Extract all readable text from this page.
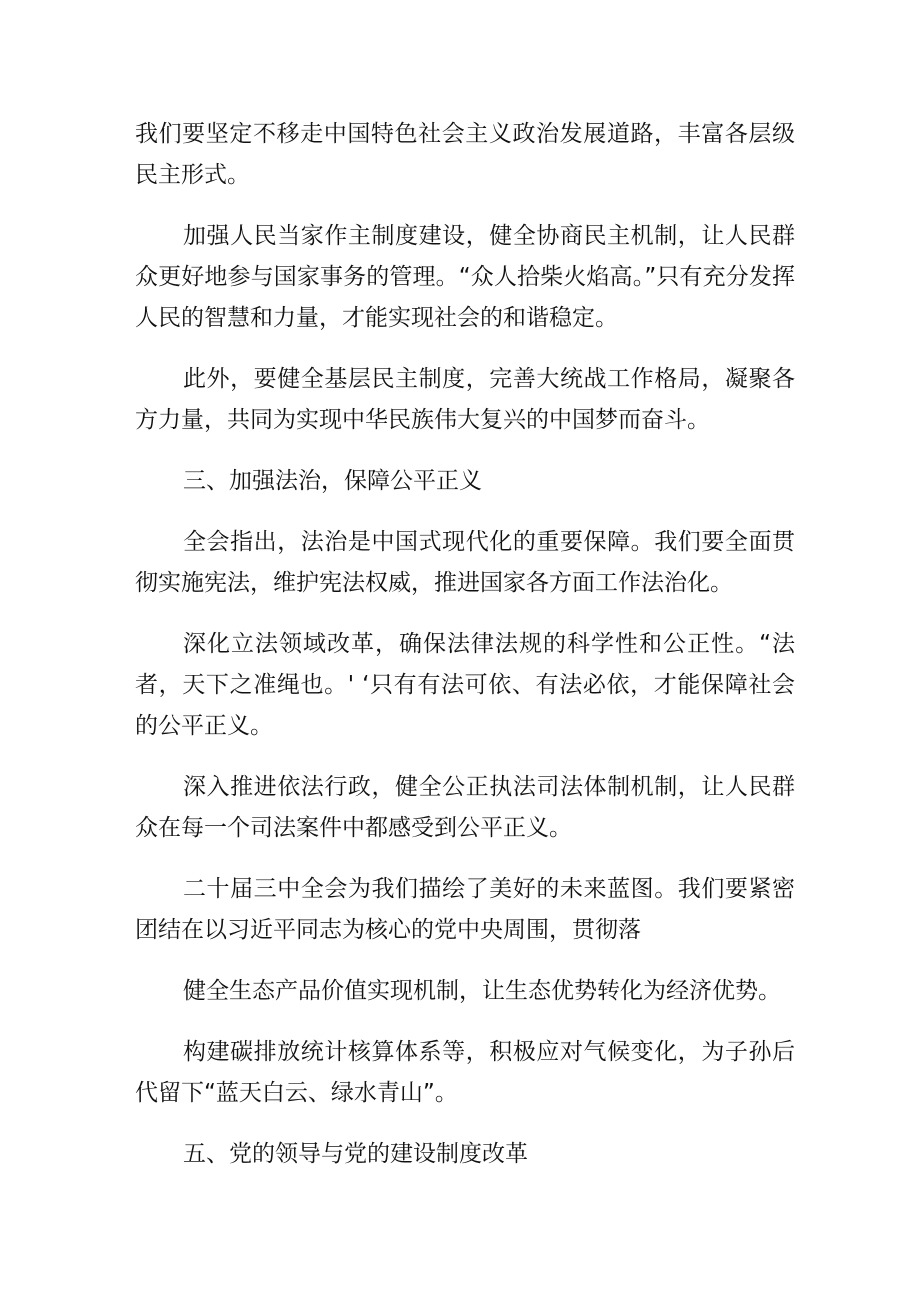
我们要坚定不移走中国特色社会主义政治发展道路，丰富各层级民主形式。

加强人民当家作主制度建设，健全协商民主机制，让人民群众更好地参与国家事务的管理。“众人拾柴火焰高。”只有充分发挥人民的智慧和力量，才能实现社会的和谐稳定。

此外，要健全基层民主制度，完善大统战工作格局，凝聚各方力量，共同为实现中华民族伟大复兴的中国梦而奋斗。

三、加强法治，保障公平正义

全会指出，法治是中国式现代化的重要保障。我们要全面贯彻实施宪法，维护宪法权威，推进国家各方面工作法治化。

深化立法领域改革，确保法律法规的科学性和公正性。“法者，天下之准绳也。' ‘只有有法可依、有法必依，才能保障社会的公平正义。

深入推进依法行政，健全公正执法司法体制机制，让人民群众在每一个司法案件中都感受到公平正义。

二十届三中全会为我们描绘了美好的未来蓝图。我们要紧密团结在以习近平同志为核心的党中央周围，贯彻落

健全生态产品价值实现机制，让生态优势转化为经济优势。

构建碳排放统计核算体系等，积极应对气候变化，为子孙后代留下“蓝天白云、绿水青山”。

五、党的领导与党的建设制度改革
